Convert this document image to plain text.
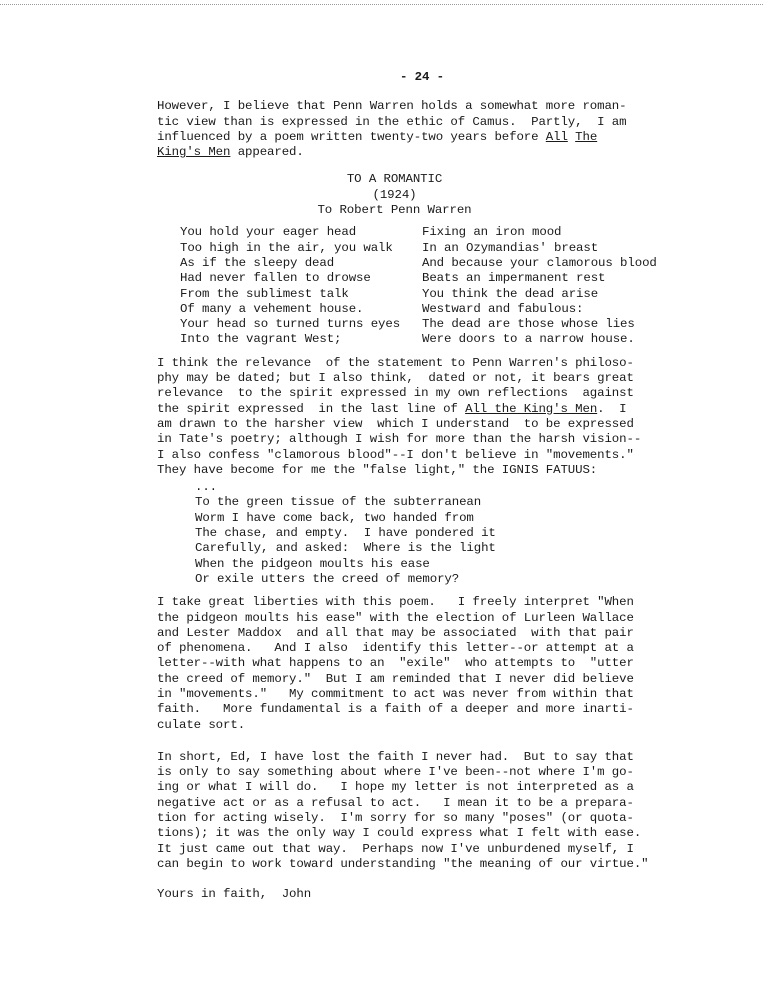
- 24 -
However, I believe that Penn Warren holds a somewhat more roman-
tic view than is expressed in the ethic of Camus.  Partly,  I am
influenced by a poem written twenty-two years before All The
King's Men appeared.
TO A ROMANTIC
(1924)
To Robert Penn Warren
You hold your eager head
Too high in the air, you walk
As if the sleepy dead
Had never fallen to drowse
From the sublimest talk
Of many a vehement house.
Your head so turned turns eyes
Into the vagrant West;
Fixing an iron mood
In an Ozymandias' breast
And because your clamorous blood
Beats an impermanent rest
You think the dead arise
Westward and fabulous:
The dead are those whose lies
Were doors to a narrow house.
I think the relevance  of the statement to Penn Warren's philoso-
phy may be dated; but I also think,  dated or not, it bears great
relevance  to the spirit expressed in my own reflections  against
the spirit expressed  in the last line of All the King's Men.  I
am drawn to the harsher view  which I understand  to be expressed
in Tate's poetry; although I wish for more than the harsh vision--
I also confess "clamorous blood"--I don't believe in "movements."
They have become for me the "false light," the IGNIS FATUUS:
...
To the green tissue of the subterranean
Worm I have come back, two handed from
The chase, and empty.  I have pondered it
Carefully, and asked:  Where is the light
When the pidgeon moults his ease
Or exile utters the creed of memory?
I take great liberties with this poem.   I freely interpret "When
the pidgeon moults his ease" with the election of Lurleen Wallace
and Lester Maddox  and all that may be associated  with that pair
of phenomena.   And I also  identify this letter--or attempt at a
letter--with what happens to an  "exile"  who attempts to  "utter
the creed of memory."  But I am reminded that I never did believe
in "movements."   My commitment to act was never from within that
faith.   More fundamental is a faith of a deeper and more inarti-
culate sort.
In short, Ed, I have lost the faith I never had.  But to say that
is only to say something about where I've been--not where I'm go-
ing or what I will do.   I hope my letter is not interpreted as a
negative act or as a refusal to act.   I mean it to be a prepara-
tion for acting wisely.  I'm sorry for so many "poses" (or quota-
tions); it was the only way I could express what I felt with ease.
It just came out that way.  Perhaps now I've unburdened myself, I
can begin to work toward understanding "the meaning of our virtue."
Yours in faith,  John
